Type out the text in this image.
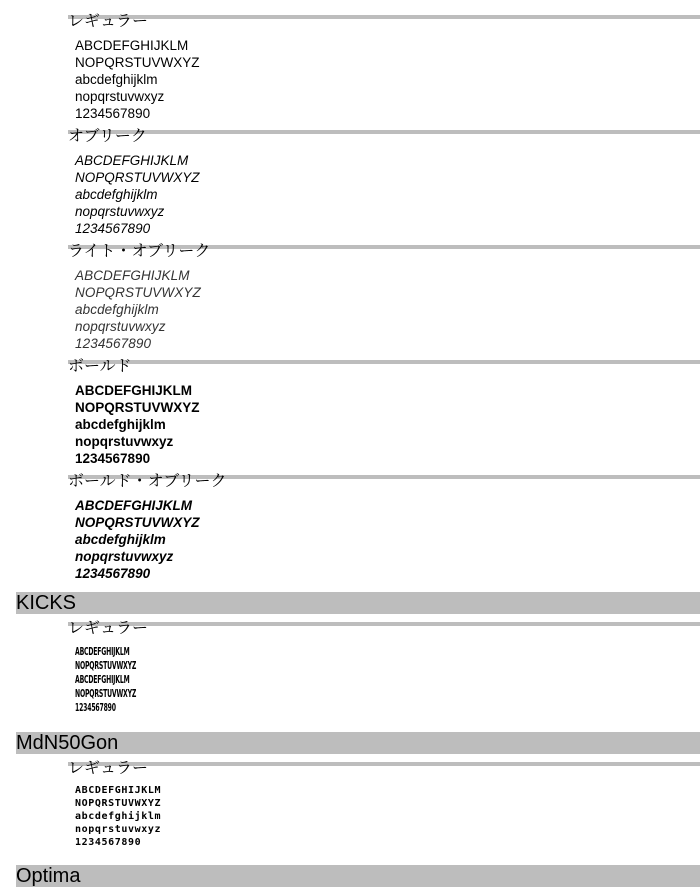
レギュラー
ABCDEFGHIJKLM
NOPQRSTUVWXYZ
abcdefghijklm
nopqrstuvwxyz
1234567890
オブリーク
ABCDEFGHIJKLM
NOPQRSTUVWXYZ
abcdefghijklm
nopqrstuvwxyz
1234567890
ライト・オブリーク
ABCDEFGHIJKLM
NOPQRSTUVWXYZ
abcdefghijklm
nopqrstuvwxyz
1234567890
ボールド
ABCDEFGHIJKLM
NOPQRSTUVWXYZ
abcdefghijklm
nopqrstuvwxyz
1234567890
ボールド・オブリーク
ABCDEFGHIJKLM
NOPQRSTUVWXYZ
abcdefghijklm
nopqrstuvwxyz
1234567890
KICKS
レギュラー
ABCDEFGHIJKLM
NOPQRSTUVWXYZ
ABCDEFGHIJKLM
NOPQRSTUVWXYZ
1234567890
MdN50Gon
レギュラー
ABCDEFGHIJKLM
NOPQRSTUVWXYZ
abcdefghijklm
nopqrstuvwxyz
1234567890
Optima
